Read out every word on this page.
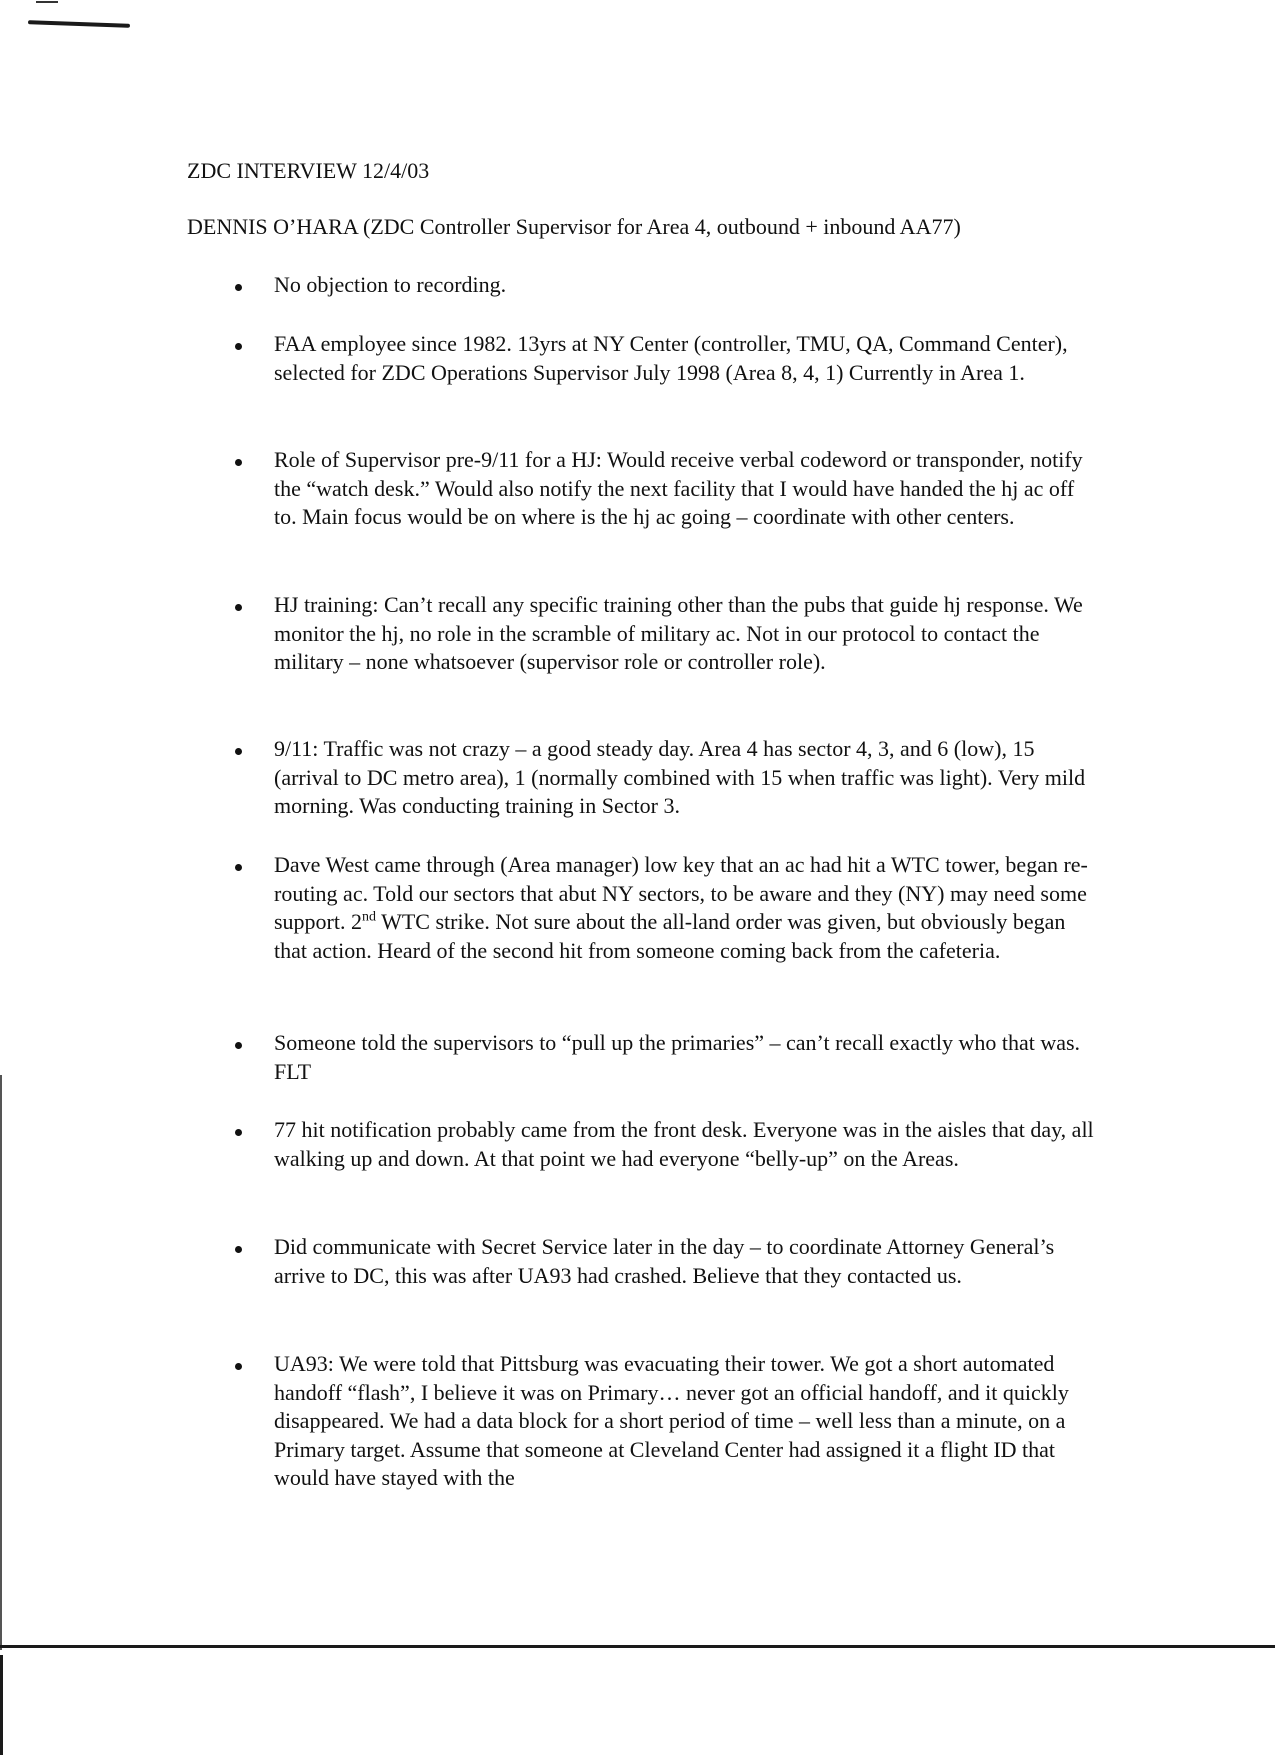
ZDC INTERVIEW 12/4/03
DENNIS O’HARA (ZDC Controller Supervisor for Area 4, outbound + inbound AA77)
No objection to recording.
FAA employee since 1982. 13yrs at NY Center (controller, TMU, QA, Command Center), selected for ZDC Operations Supervisor July 1998 (Area 8, 4, 1) Currently in Area 1.
Role of Supervisor pre-9/11 for a HJ: Would receive verbal codeword or transponder, notify the “watch desk.” Would also notify the next facility that I would have handed the hj ac off to. Main focus would be on where is the hj ac going – coordinate with other centers.
HJ training: Can’t recall any specific training other than the pubs that guide hj response. We monitor the hj, no role in the scramble of military ac. Not in our protocol to contact the military – none whatsoever (supervisor role or controller role).
9/11: Traffic was not crazy – a good steady day. Area 4 has sector 4, 3, and 6 (low), 15 (arrival to DC metro area), 1 (normally combined with 15 when traffic was light). Very mild morning. Was conducting training in Sector 3.
Dave West came through (Area manager) low key that an ac had hit a WTC tower, began re-routing ac. Told our sectors that abut NY sectors, to be aware and they (NY) may need some support. 2nd WTC strike. Not sure about the all-land order was given, but obviously began that action. Heard of the second hit from someone coming back from the cafeteria.
Someone told the supervisors to “pull up the primaries” – can’t recall exactly who that was. FLT
77 hit notification probably came from the front desk. Everyone was in the aisles that day, all walking up and down. At that point we had everyone “belly-up” on the Areas.
Did communicate with Secret Service later in the day – to coordinate Attorney General’s arrive to DC, this was after UA93 had crashed. Believe that they contacted us.
UA93: We were told that Pittsburg was evacuating their tower. We got a short automated handoff “flash”, I believe it was on Primary… never got an official handoff, and it quickly disappeared. We had a data block for a short period of time – well less than a minute, on a Primary target. Assume that someone at Cleveland Center had assigned it a flight ID that would have stayed with the
